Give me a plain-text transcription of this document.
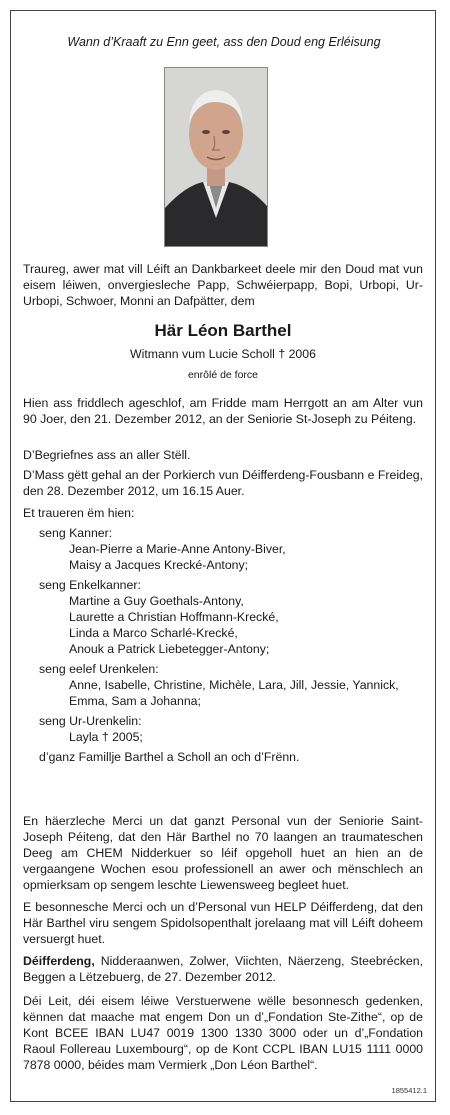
Wann d’Kraaft zu Enn geet, ass den Doud eng Erléisung

Traureg, awer mat vill Léift an Dankbarkeet deele mir den Doud mat vun eisem léiwen, onvergiesleche Papp, Schwéierpapp, Bopi, Urbopi, Ur-Urbopi, Schwoer, Monni an Dafpätter, dem

Här Léon Barthel

Witmann vum Lucie Scholl † 2006

enrôlé de force

Hien ass friddlech ageschlof, am Fridde mam Herrgott an am Alter vun 90 Joer, den 21. Dezember 2012, an der Seniorie St-Joseph zu Péiteng.

D’Begriefnes ass an aller Stëll.

D’Mass gëtt gehal an der Porkierch vun Déifferdeng-Fousbann e Freideg, den 28. Dezember 2012, um 16.15 Auer.

Et traueren ëm hien:

seng Kanner:

Jean-Pierre a Marie-Anne Antony-Biver,

Maisy a Jacques Krecké-Antony;

seng Enkelkanner:

Martine a Guy Goethals-Antony,

Laurette a Christian Hoffmann-Krecké,

Linda a Marco Scharlé-Krecké,

Anouk a Patrick Liebetegger-Antony;

seng eelef Urenkelen:

Anne, Isabelle, Christine, Michèle, Lara, Jill, Jessie, Yannick,

Emma, Sam a Johanna;

seng Ur-Urenkelin:

Layla † 2005;

d’ganz Famillje Barthel a Scholl an och d’Frënn.

En häerzleche Merci un dat ganzt Personal vun der Seniorie Saint-Joseph Péiteng, dat den Här Barthel no 70 laangen an traumateschen Deeg am CHEM Nidderkuer so léif opgeholl huet an hien an de vergaangene Wochen esou professionell an awer och mënschlech an opmierksam op sengem leschte Liewensweeg begleet huet.

E besonnesche Merci och un d’Personal vun HELP Déifferdeng, dat den Här Barthel viru sengem Spidolsopenthalt jorelaang mat vill Léift doheem versuergt huet.

Déifferdeng, Nidderaanwen, Zolwer, Viichten, Näerzeng, Steebrécken, Beggen a Lëtzebuerg, de 27. Dezember 2012.

Déi Leit, déi eisem léiwe Verstuerwene wëlle besonnesch gedenken, kënnen dat maache mat engem Don un d’„Fondation Ste-Zithe“, op de Kont BCEE IBAN LU47 0019 1300 1330 3000 oder un d’„Fondation Raoul Follereau Luxembourg“, op de Kont CCPL IBAN LU15 1111 0000 7878 0000, béides mam Vermierk „Don Léon Barthel“.

1855412.1
